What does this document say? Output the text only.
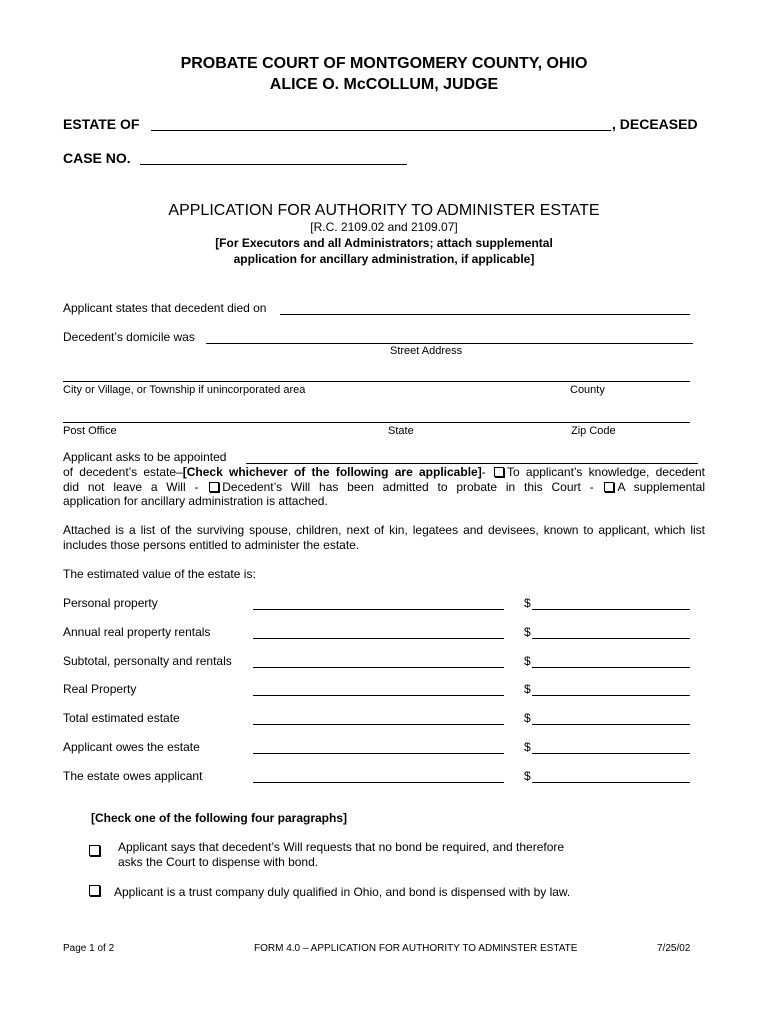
PROBATE COURT OF MONTGOMERY COUNTY, OHIO
ALICE O. McCOLLUM, JUDGE
ESTATE OF	, DECEASED
CASE NO.
APPLICATION FOR AUTHORITY TO ADMINISTER ESTATE
[R.C. 2109.02 and 2109.07]
[For Executors and all Administrators; attach supplemental
application for ancillary administration, if applicable]
Applicant states that decedent died on
Decedent’s domicile was
Street Address
City or Village, or Township if unincorporated area	County
Post Office	State	Zip Code
Applicant asks to be appointed
of decedent’s estate–[Check whichever of the following are applicable]- To applicant’s knowledge, decedent
did not leave a Will - Decedent’s Will has been admitted to probate in this Court - A supplemental
application for ancillary administration is attached.
Attached is a list of the surviving spouse, children, next of kin, legatees and devisees, known to applicant, which list
includes those persons entitled to administer the estate.
The estimated value of the estate is:
Personal property	$
Annual real property rentals	$
Subtotal, personalty and rentals	$
Real Property	$
Total estimated estate	$
Applicant owes the estate	$
The estate owes applicant	$
[Check one of the following four paragraphs]
Applicant says that decedent’s Will requests that no bond be required, and therefore
asks the Court to dispense with bond.
Applicant is a trust company duly qualified in Ohio, and bond is dispensed with by law.
Page 1 of 2	FORM 4.0 – APPLICATION FOR AUTHORITY TO ADMINSTER ESTATE	7/25/02
